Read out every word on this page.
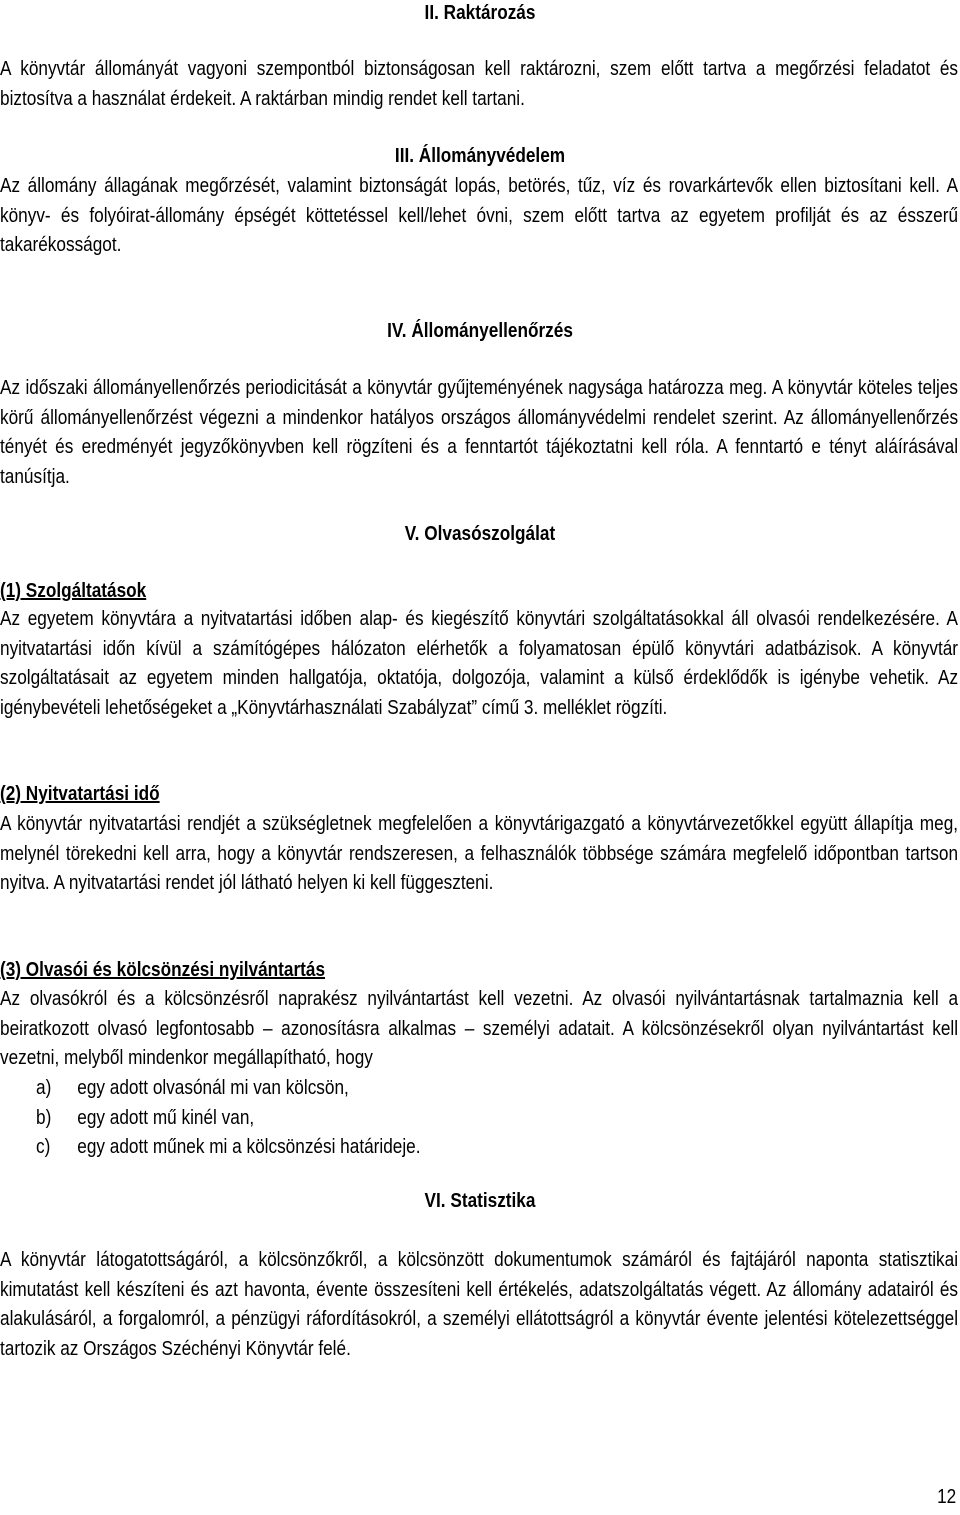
II. Raktározás

A könyvtár állományát vagyoni szempontból biztonságosan kell raktározni, szem előtt tartva a megőrzési feladatot és biztosítva a használat érdekeit. A raktárban mindig rendet kell tartani.

III. Állományvédelem

Az állomány állagának megőrzését, valamint biztonságát lopás, betörés, tűz, víz és rovarkártevők ellen biztosítani kell. A könyv- és folyóirat-állomány épségét köttetéssel kell/lehet óvni, szem előtt tartva az egyetem profilját és az ésszerű takarékosságot.

IV. Állományellenőrzés

Az időszaki állományellenőrzés periodicitását a könyvtár gyűjteményének nagysága határozza meg. A könyvtár köteles teljes körű állományellenőrzést végezni a mindenkor hatályos országos állományvédelmi rendelet szerint. Az állományellenőrzés tényét és eredményét jegyzőkönyvben kell rögzíteni és a fenntartót tájékoztatni kell róla. A fenntartó e tényt aláírásával tanúsítja.

V. Olvasószolgálat

(1) Szolgáltatások

Az egyetem könyvtára a nyitvatartási időben alap- és kiegészítő könyvtári szolgáltatásokkal áll olvasói rendelkezésére. A nyitvatartási időn kívül a számítógépes hálózaton elérhetők a folyamatosan épülő könyvtári adatbázisok. A könyvtár szolgáltatásait az egyetem minden hallgatója, oktatója, dolgozója, valamint a külső érdeklődők is igénybe vehetik. Az igénybevételi lehetőségeket a „Könyvtárhasználati Szabályzat” című 3. melléklet rögzíti.

(2) Nyitvatartási idő

A könyvtár nyitvatartási rendjét a szükségletnek megfelelően a könyvtárigazgató a könyvtárvezetőkkel együtt állapítja meg, melynél törekedni kell arra, hogy a könyvtár rendszeresen, a felhasználók többsége számára megfelelő időpontban tartson nyitva. A nyitvatartási rendet jól látható helyen ki kell függeszteni.

(3) Olvasói és kölcsönzési nyilvántartás

Az olvasókról és a kölcsönzésről naprakész nyilvántartást kell vezetni. Az olvasói nyilvántartásnak tartalmaznia kell a beiratkozott olvasó legfontosabb – azonosításra alkalmas – személyi adatait. A kölcsönzésekről olyan nyilvántartást kell vezetni, melyből mindenkor megállapítható, hogy

a) egy adott olvasónál mi van kölcsön,
b) egy adott mű kinél van,
c) egy adott műnek mi a kölcsönzési határideje.
VI. Statisztika

A könyvtár látogatottságáról, a kölcsönzőkről, a kölcsönzött dokumentumok számáról és fajtájáról naponta statisztikai kimutatást kell készíteni és azt havonta, évente összesíteni kell értékelés, adatszolgáltatás végett. Az állomány adatairól és alakulásáról, a forgalomról, a pénzügyi ráfordításokról, a személyi ellátottságról a könyvtár évente jelentési kötelezettséggel tartozik az Országos Széchényi Könyvtár felé.

12
